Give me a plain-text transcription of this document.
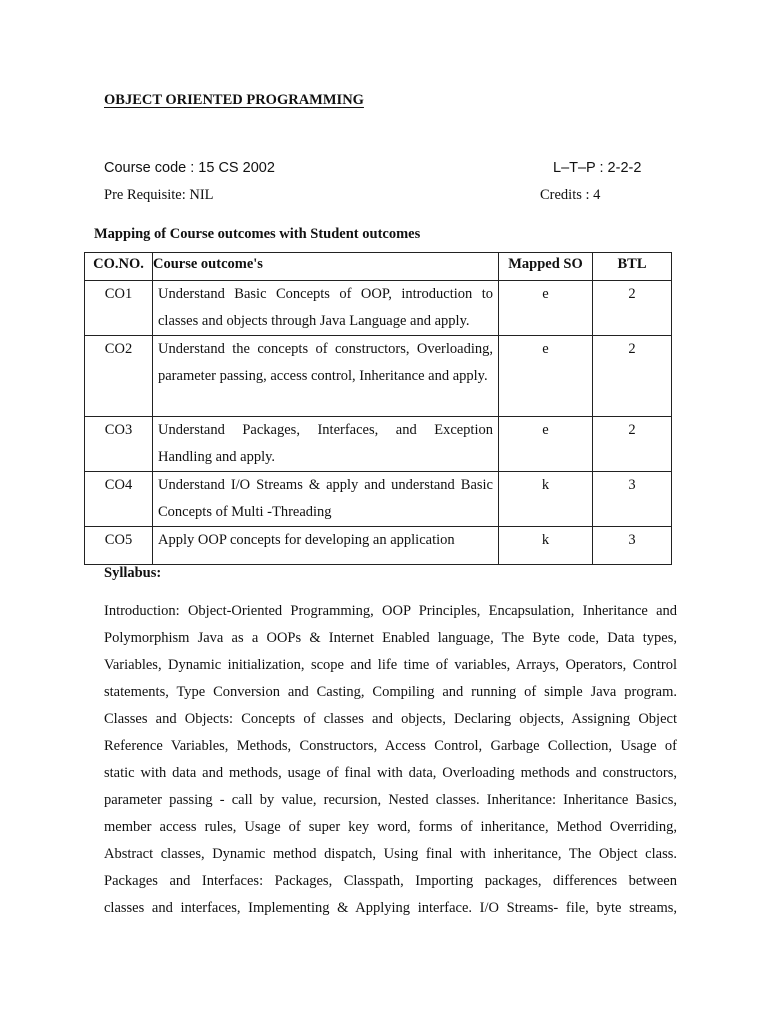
OBJECT ORIENTED PROGRAMMING
Course code : 15 CS 2002	L–T–P : 2-2-2
Pre Requisite: NIL	Credits : 4
Mapping of Course outcomes with Student outcomes
CO.NO.	Course outcome's	Mapped SO	BTL
CO1	Understand Basic Concepts of OOP, introduction to classes and objects through Java Language and apply.	e	2
CO2	Understand the concepts of constructors, Overloading, parameter passing, access control, Inheritance and apply.	e	2
CO3	Understand Packages, Interfaces, and Exception Handling and apply.	e	2
CO4	Understand I/O Streams & apply and understand Basic Concepts of Multi -Threading	k	3
CO5	Apply OOP concepts for developing an application	k	3
Syllabus:
Introduction: Object-Oriented Programming, OOP Principles, Encapsulation, Inheritance and
Polymorphism Java as a OOPs & Internet Enabled language, The Byte code, Data types,
Variables, Dynamic initialization, scope and life time of variables, Arrays, Operators, Control
statements, Type Conversion and Casting, Compiling and running of simple Java program.
Classes and Objects: Concepts of classes and objects, Declaring objects, Assigning Object
Reference Variables, Methods, Constructors, Access Control, Garbage Collection, Usage of
static with data and methods, usage of final with data, Overloading methods and constructors,
parameter passing - call by value, recursion, Nested classes. Inheritance: Inheritance Basics,
member access rules, Usage of super key word, forms of inheritance, Method Overriding,
Abstract classes, Dynamic method dispatch, Using final with inheritance, The Object class.
Packages and Interfaces: Packages, Classpath, Importing packages, differences between
classes and interfaces, Implementing & Applying interface. I/O Streams- file, byte streams,
